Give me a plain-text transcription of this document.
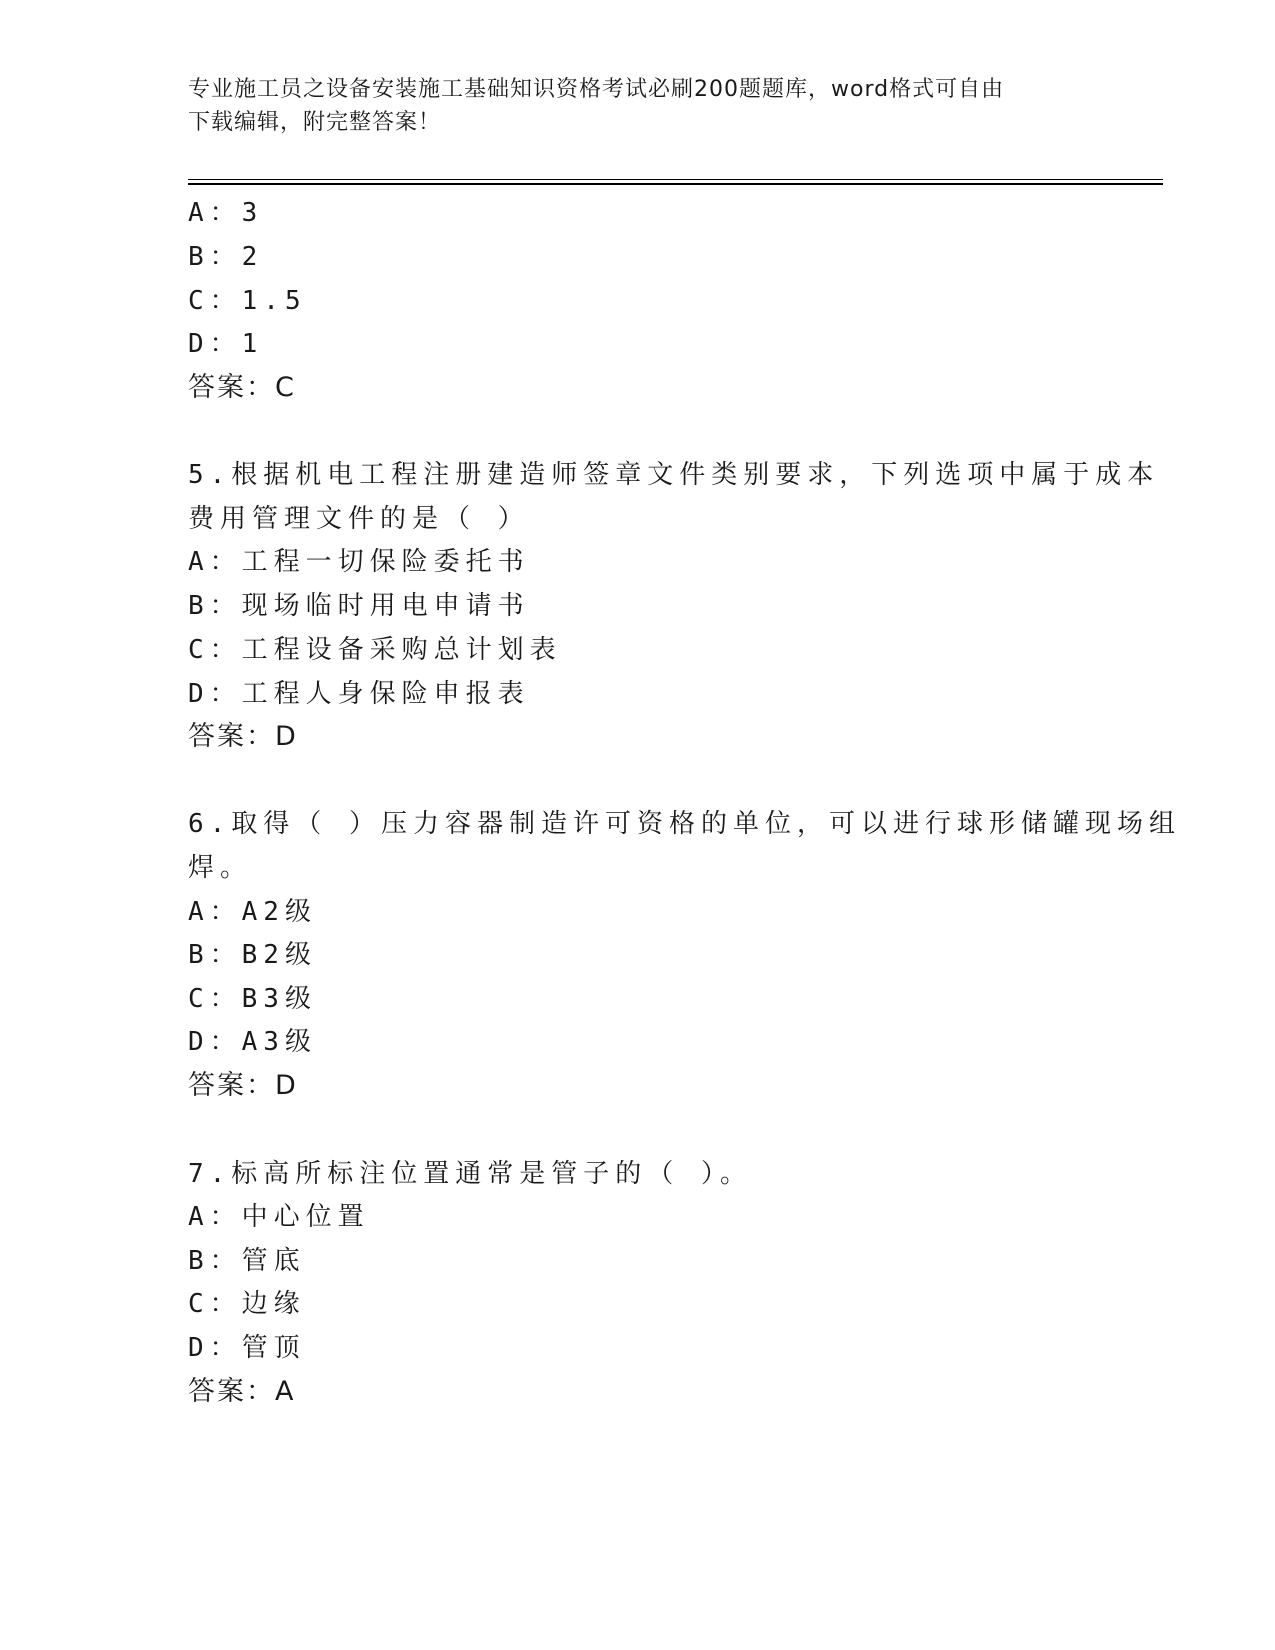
专业施工员之设备安装施工基础知识资格考试必刷200题题库，word格式可自由
下载编辑，附完整答案！
A：3
B：2
C：1.5
D：1
答案：C
5.根据机电工程注册建造师签章文件类别要求，下列选项中属于成本
费用管理文件的是（ ）
A：工程一切保险委托书
B：现场临时用电申请书
C：工程设备采购总计划表
D：工程人身保险申报表
答案：D
6.取得（ ）压力容器制造许可资格的单位，可以进行球形储罐现场组
焊。
A：A2级
B：B2级
C：B3级
D：A3级
答案：D
7.标高所标注位置通常是管子的（ ）。
A：中心位置
B：管底
C：边缘
D：管顶
答案：A
